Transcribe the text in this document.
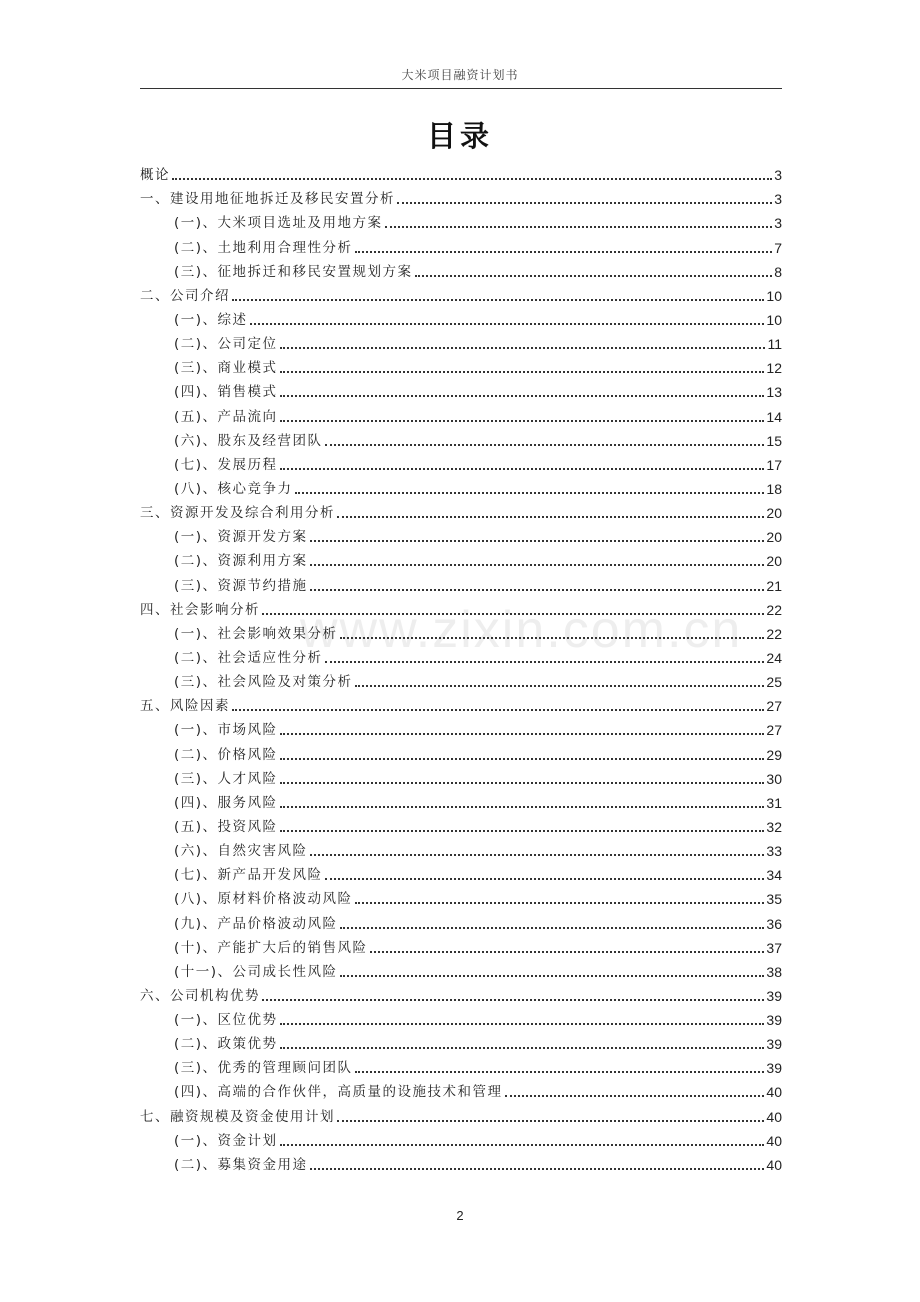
大米项目融资计划书
目录
www.zixin.com.cn
概论	3
一、建设用地征地拆迁及移民安置分析	3
(一)、大米项目选址及用地方案	3
(二)、土地利用合理性分析	7
(三)、征地拆迁和移民安置规划方案	8
二、公司介绍	10
(一)、综述	10
(二)、公司定位	11
(三)、商业模式	12
(四)、销售模式	13
(五)、产品流向	14
(六)、股东及经营团队	15
(七)、发展历程	17
(八)、核心竞争力	18
三、资源开发及综合利用分析	20
(一)、资源开发方案	20
(二)、资源利用方案	20
(三)、资源节约措施	21
四、社会影响分析	22
(一)、社会影响效果分析	22
(二)、社会适应性分析	24
(三)、社会风险及对策分析	25
五、风险因素	27
(一)、市场风险	27
(二)、价格风险	29
(三)、人才风险	30
(四)、服务风险	31
(五)、投资风险	32
(六)、自然灾害风险	33
(七)、新产品开发风险	34
(八)、原材料价格波动风险	35
(九)、产品价格波动风险	36
(十)、产能扩大后的销售风险	37
(十一)、公司成长性风险	38
六、公司机构优势	39
(一)、区位优势	39
(二)、政策优势	39
(三)、优秀的管理顾问团队	39
(四)、高端的合作伙伴，高质量的设施技术和管理	40
七、融资规模及资金使用计划	40
(一)、资金计划	40
(二)、募集资金用途	40
2
